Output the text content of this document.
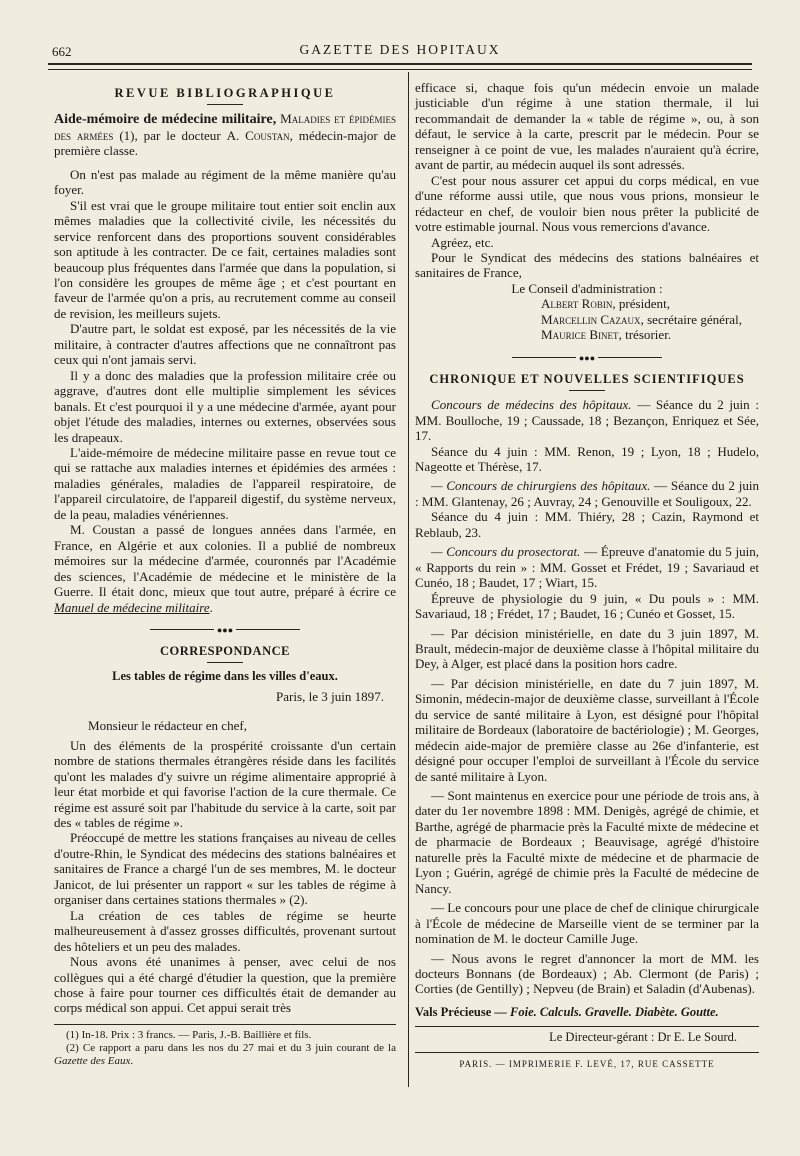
662	GAZETTE DES HOPITAUX
REVUE BIBLIOGRAPHIQUE

Aide-mémoire de médecine militaire, Maladies et épidémies des armées (1), par le docteur A. Coustan, médecin-major de première classe.

On n'est pas malade au régiment de la même manière qu'au foyer.

S'il est vrai que le groupe militaire tout entier soit enclin aux mêmes maladies que la collectivité civile, les nécessités du service renforcent dans des proportions souvent considérables son aptitude à les contracter. De ce fait, certaines maladies sont beaucoup plus fréquentes dans l'armée que dans la population, si l'on considère les groupes de même âge ; et c'est pourtant en faveur de l'armée qu'on a pris, au recrutement comme au conseil de revision, les meilleurs sujets.

D'autre part, le soldat est exposé, par les nécessités de la vie militaire, à contracter d'autres affections que ne connaîtront pas ceux qui n'ont jamais servi.

Il y a donc des maladies que la profession militaire crée ou aggrave, d'autres dont elle multiplie simplement les sévices banals. Et c'est pourquoi il y a une médecine d'armée, ayant pour objet l'étude des maladies, internes ou externes, observées sous les drapeaux.

L'aide-mémoire de médecine militaire passe en revue tout ce qui se rattache aux maladies internes et épidémies des armées : maladies générales, maladies de l'appareil respiratoire, de l'appareil circulatoire, de l'appareil digestif, du système nerveux, de la peau, maladies vénériennes.

M. Coustan a passé de longues années dans l'armée, en France, en Algérie et aux colonies. Il a publié de nombreux mémoires sur la médecine d'armée, couronnés par l'Académie des sciences, l'Académie de médecine et le ministère de la Guerre. Il était donc, mieux que tout autre, préparé à écrire ce Manuel de médecine militaire.

●●●
CORRESPONDANCE
Les tables de régime dans les villes d'eaux.

Paris, le 3 juin 1897.

Monsieur le rédacteur en chef,

Un des éléments de la prospérité croissante d'un certain nombre de stations thermales étrangères réside dans les facilités qu'ont les malades d'y suivre un régime alimentaire approprié à leur état morbide et qui favorise l'action de la cure thermale. Ce régime est assuré soit par l'habitude du service à la carte, soit par des « tables de régime ».

Préoccupé de mettre les stations françaises au niveau de celles d'outre-Rhin, le Syndicat des médecins des stations balnéaires et sanitaires de France a chargé l'un de ses membres, M. le docteur Janicot, de lui présenter un rapport « sur les tables de régime à organiser dans certaines stations thermales » (2).

La création de ces tables de régime se heurte malheureusement à d'assez grosses difficultés, provenant surtout des hôteliers et un peu des malades.

Nous avons été unanimes à penser, avec celui de nos collègues qui a été chargé d'étudier la question, que la première chose à faire pour tourner ces difficultés était de demander au corps médical son appui. Cet appui serait très

(1) In-18. Prix : 3 francs. — Paris, J.-B. Baillière et fils.

(2) Ce rapport a paru dans les nos du 27 mai et du 3 juin courant de la Gazette des Eaux.

efficace si, chaque fois qu'un médecin envoie un malade justiciable d'un régime à une station thermale, il lui recommandait de demander la « table de régime », ou, à son défaut, le service à la carte, prescrit par le médecin. Pour se renseigner à ce point de vue, les malades n'auraient qu'à écrire, avant de partir, au médecin auquel ils sont adressés.

C'est pour nous assurer cet appui du corps médical, en vue d'une réforme aussi utile, que nous vous prions, monsieur le rédacteur en chef, de vouloir bien nous prêter la publicité de votre estimable journal. Nous vous remercions d'avance.

Agréez, etc.

Pour le Syndicat des médecins des stations balnéaires et sanitaires de France,

Le Conseil d'administration :

Albert Robin, président,

Marcellin Cazaux, secrétaire général,

Maurice Binet, trésorier.

●●●
CHRONIQUE ET NOUVELLES SCIENTIFIQUES

Concours de médecins des hôpitaux. — Séance du 2 juin : MM. Boulloche, 19 ; Caussade, 18 ; Bezançon, Enriquez et Sée, 17.

Séance du 4 juin : MM. Renon, 19 ; Lyon, 18 ; Hudelo, Nageotte et Thérèse, 17.

— Concours de chirurgiens des hôpitaux. — Séance du 2 juin : MM. Glantenay, 26 ; Auvray, 24 ; Genouville et Souligoux, 22.

Séance du 4 juin : MM. Thiéry, 28 ; Cazin, Raymond et Reblaub, 23.

— Concours du prosectorat. — Épreuve d'anatomie du 5 juin, « Rapports du rein » : MM. Gosset et Frédet, 19 ; Savariaud et Cunéo, 18 ; Baudet, 17 ; Wiart, 15.

Épreuve de physiologie du 9 juin, « Du pouls » : MM. Savariaud, 18 ; Frédet, 17 ; Baudet, 16 ; Cunéo et Gosset, 15.

— Par décision ministérielle, en date du 3 juin 1897, M. Brault, médecin-major de deuxième classe à l'hôpital militaire du Dey, à Alger, est placé dans la position hors cadre.

— Par décision ministérielle, en date du 7 juin 1897, M. Simonin, médecin-major de deuxième classe, surveillant à l'École du service de santé militaire à Lyon, est désigné pour l'hôpital militaire de Bordeaux (laboratoire de bactériologie) ; M. Georges, médecin aide-major de première classe au 26e d'infanterie, est désigné pour occuper l'emploi de surveillant à l'École du service de santé militaire à Lyon.

— Sont maintenus en exercice pour une période de trois ans, à dater du 1er novembre 1898 : MM. Denigès, agrégé de chimie, et Barthe, agrégé de pharmacie près la Faculté mixte de médecine et de pharmacie de Bordeaux ; Beauvisage, agrégé d'histoire naturelle près la Faculté mixte de médecine et de pharmacie de Lyon ; Guérin, agrégé de chimie près la Faculté de médecine de Nancy.

— Le concours pour une place de chef de clinique chirurgicale à l'École de médecine de Marseille vient de se terminer par la nomination de M. le docteur Camille Juge.

— Nous avons le regret d'annoncer la mort de MM. les docteurs Bonnans (de Bordeaux) ; Ab. Clermont (de Paris) ; Corties (de Gentilly) ; Nepveu (de Brain) et Saladin (d'Aubenas).

Vals Précieuse — Foie. Calculs. Gravelle. Diabète. Goutte.
Le Directeur-gérant : Dr E. Le Sourd.
PARIS. — IMPRIMERIE F. LEVÉ, 17, RUE CASSETTE
